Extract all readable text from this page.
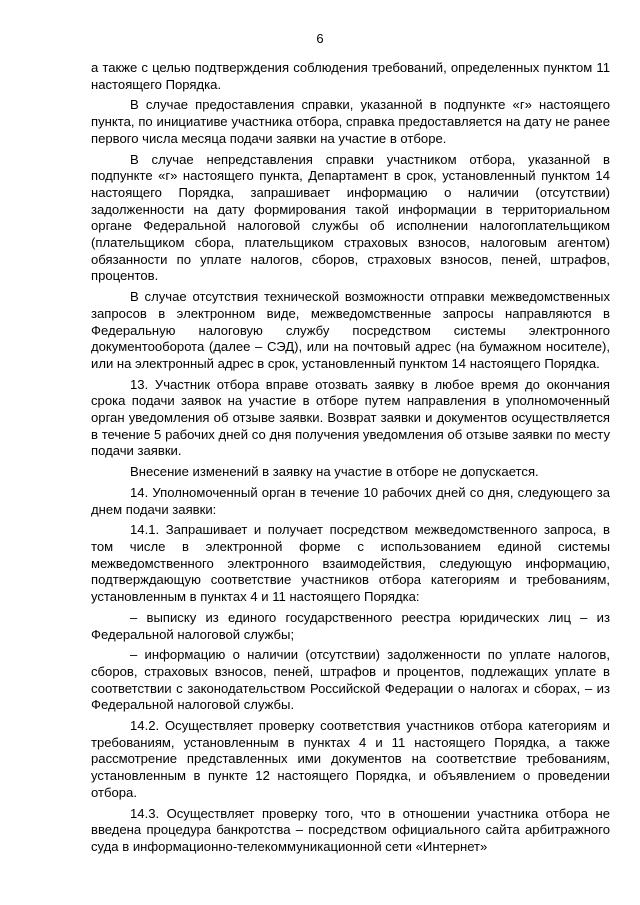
6

а также с целью подтверждения соблюдения требований, определенных пунктом 11 настоящего Порядка.

В случае предоставления справки, указанной в подпункте «г» настоящего пункта, по инициативе участника отбора, справка предоставляется на дату не ранее первого числа месяца подачи заявки на участие в отборе.

В случае непредставления справки участником отбора, указанной в подпункте «г» настоящего пункта, Департамент в срок, установленный пунктом 14 настоящего Порядка, запрашивает информацию о наличии (отсутствии) задолженности на дату формирования такой информации в территориальном органе Федеральной налоговой службы об исполнении налогоплательщиком (плательщиком сбора, плательщиком страховых взносов, налоговым агентом) обязанности по уплате налогов, сборов, страховых взносов, пеней, штрафов, процентов.

В случае отсутствия технической возможности отправки межведомственных запросов в электронном виде, межведомственные запросы направляются в Федеральную налоговую службу посредством системы электронного документооборота (далее – СЭД), или на почтовый адрес (на бумажном носителе), или на электронный адрес в срок, установленный пунктом 14 настоящего Порядка.

13. Участник отбора вправе отозвать заявку в любое время до окончания срока подачи заявок на участие в отборе путем направления в уполномоченный орган уведомления об отзыве заявки. Возврат заявки и документов осуществляется в течение 5 рабочих дней со дня получения уведомления об отзыве заявки по месту подачи заявки.

Внесение изменений в заявку на участие в отборе не допускается.

14. Уполномоченный орган в течение 10 рабочих дней со дня, следующего за днем подачи заявки:

14.1. Запрашивает и получает посредством межведомственного запроса, в том числе в электронной форме с использованием единой системы межведомственного электронного взаимодействия, следующую информацию, подтверждающую соответствие участников отбора категориям и требованиям, установленным в пунктах 4 и 11 настоящего Порядка:

– выписку из единого государственного реестра юридических лиц – из Федеральной налоговой службы;

– информацию о наличии (отсутствии) задолженности по уплате налогов, сборов, страховых взносов, пеней, штрафов и процентов, подлежащих уплате в соответствии с законодательством Российской Федерации о налогах и сборах, – из Федеральной налоговой службы.

14.2. Осуществляет проверку соответствия участников отбора категориям и требованиям, установленным в пунктах 4 и 11 настоящего Порядка, а также рассмотрение представленных ими документов на соответствие требованиям, установленным в пункте 12 настоящего Порядка, и объявлением о проведении отбора.

14.3. Осуществляет проверку того, что в отношении участника отбора не введена процедура банкротства – посредством официального сайта арбитражного суда в информационно-телекоммуникационной сети «Интернет»
